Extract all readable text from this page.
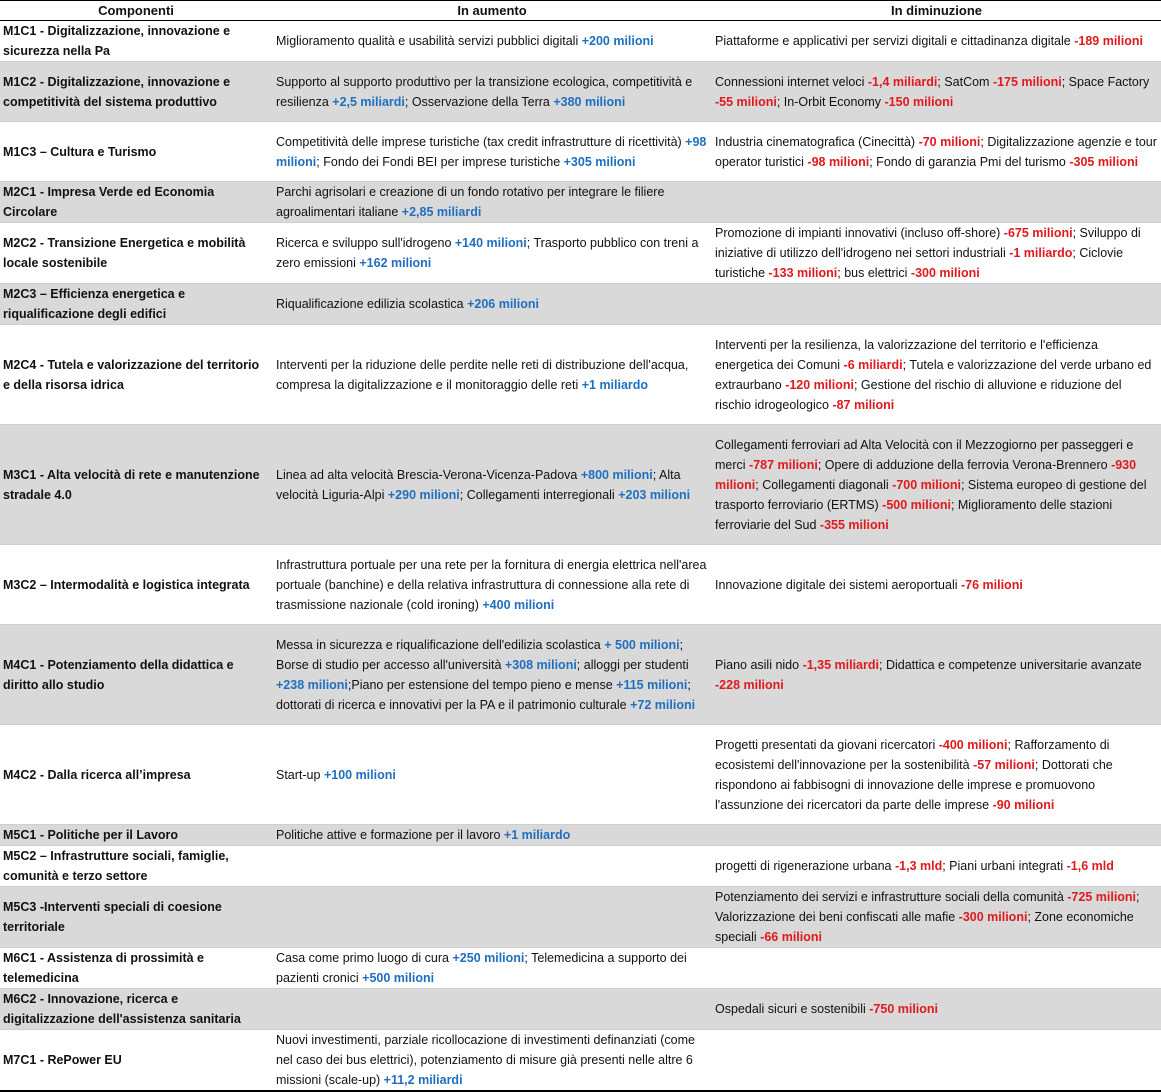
Componenti	In aumento	In diminuzione
M1C1 - Digitalizzazione, innovazione e sicurezza nella Pa	Miglioramento qualità e usabilità servizi pubblici digitali +200 milioni	Piattaforme e applicativi per servizi digitali e cittadinanza digitale -189 milioni
M1C2 - Digitalizzazione, innovazione e competitività del sistema produttivo	Supporto al supporto produttivo per la transizione ecologica, competitività e resilienza +2,5 miliardi; Osservazione della Terra +380 milioni	Connessioni internet veloci -1,4 miliardi; SatCom -175 milioni; Space Factory -55 milioni; In-Orbit Economy -150 milioni
M1C3 – Cultura e Turismo	Competitività delle imprese turistiche (tax credit infrastrutture di ricettività) +98 milioni; Fondo dei Fondi BEI per imprese turistiche +305 milioni	Industria cinematografica (Cinecittà) -70 milioni; Digitalizzazione agenzie e tour operator turistici -98 milioni; Fondo di garanzia Pmi del turismo -305 milioni
M2C1 - Impresa Verde ed Economia Circolare	Parchi agrisolari e creazione di un fondo rotativo per integrare le filiere agroalimentari italiane +2,85 miliardi	
M2C2 - Transizione Energetica e mobilità locale sostenibile	Ricerca e sviluppo sull'idrogeno +140 milioni; Trasporto pubblico con treni a zero emissioni +162 milioni	Promozione di impianti innovativi (incluso off-shore) -675 milioni; Sviluppo di iniziative di utilizzo dell'idrogeno nei settori industriali -1 miliardo; Ciclovie turistiche -133 milioni; bus elettrici -300 milioni
M2C3 – Efficienza energetica e riqualificazione degli edifici	Riqualificazione edilizia scolastica +206 milioni	
M2C4 - Tutela e valorizzazione del territorio e della risorsa idrica	Interventi per la riduzione delle perdite nelle reti di distribuzione dell'acqua, compresa la digitalizzazione e il monitoraggio delle reti +1 miliardo	Interventi per la resilienza, la valorizzazione del territorio e l'efficienza energetica dei Comuni -6 miliardi; Tutela e valorizzazione del verde urbano ed extraurbano -120 milioni; Gestione del rischio di alluvione e riduzione del rischio idrogeologico -87 milioni
M3C1 - Alta velocità di rete e manutenzione stradale 4.0	Linea ad alta velocità Brescia-Verona-Vicenza-Padova +800 milioni; Alta velocità Liguria-Alpi +290 milioni; Collegamenti interregionali +203 milioni	Collegamenti ferroviari ad Alta Velocità con il Mezzogiorno per passeggeri e merci -787 milioni; Opere di adduzione della ferrovia Verona-Brennero -930 milioni; Collegamenti diagonali -700 milioni; Sistema europeo di gestione del trasporto ferroviario (ERTMS) -500 milioni; Miglioramento delle stazioni ferroviarie del Sud -355 milioni
M3C2 – Intermodalità e logistica integrata	Infrastruttura portuale per una rete per la fornitura di energia elettrica nell'area portuale (banchine) e della relativa infrastruttura di connessione alla rete di trasmissione nazionale (cold ironing) +400 milioni	Innovazione digitale dei sistemi aeroportuali -76 milioni
M4C1 - Potenziamento della didattica e diritto allo studio	Messa in sicurezza e riqualificazione dell'edilizia scolastica + 500 milioni; Borse di studio per accesso all'università +308 milioni; alloggi per studenti +238 milioni;Piano per estensione del tempo pieno e mense +115 milioni; dottorati di ricerca e innovativi per la PA e il patrimonio culturale +72 milioni	Piano asili nido -1,35 miliardi; Didattica e competenze universitarie avanzate -228 milioni
M4C2 - Dalla ricerca all’impresa	Start-up +100 milioni	Progetti presentati da giovani ricercatori -400 milioni; Rafforzamento di ecosistemi dell'innovazione per la sostenibilità -57 milioni; Dottorati che rispondono ai fabbisogni di innovazione delle imprese e promuovono l'assunzione dei ricercatori da parte delle imprese -90 milioni
M5C1 - Politiche per il Lavoro	Politiche attive e formazione per il lavoro +1 miliardo	
M5C2 – Infrastrutture sociali, famiglie, comunità e terzo settore		progetti di rigenerazione urbana -1,3 mld; Piani urbani integrati -1,6 mld
M5C3 -Interventi speciali di coesione territoriale		Potenziamento dei servizi e infrastrutture sociali della comunità -725 milioni; Valorizzazione dei beni confiscati alle mafie -300 milioni; Zone economiche speciali -66 milioni
M6C1 - Assistenza di prossimità e telemedicina	Casa come primo luogo di cura +250 milioni; Telemedicina a supporto dei pazienti cronici +500 milioni	
M6C2 - Innovazione, ricerca e digitalizzazione dell'assistenza sanitaria		Ospedali sicuri e sostenibili -750 milioni
M7C1 - RePower EU	Nuovi investimenti, parziale ricollocazione di investimenti definanziati (come nel caso dei bus elettrici), potenziamento di misure già presenti nelle altre 6 missioni (scale-up) +11,2 miliardi	
